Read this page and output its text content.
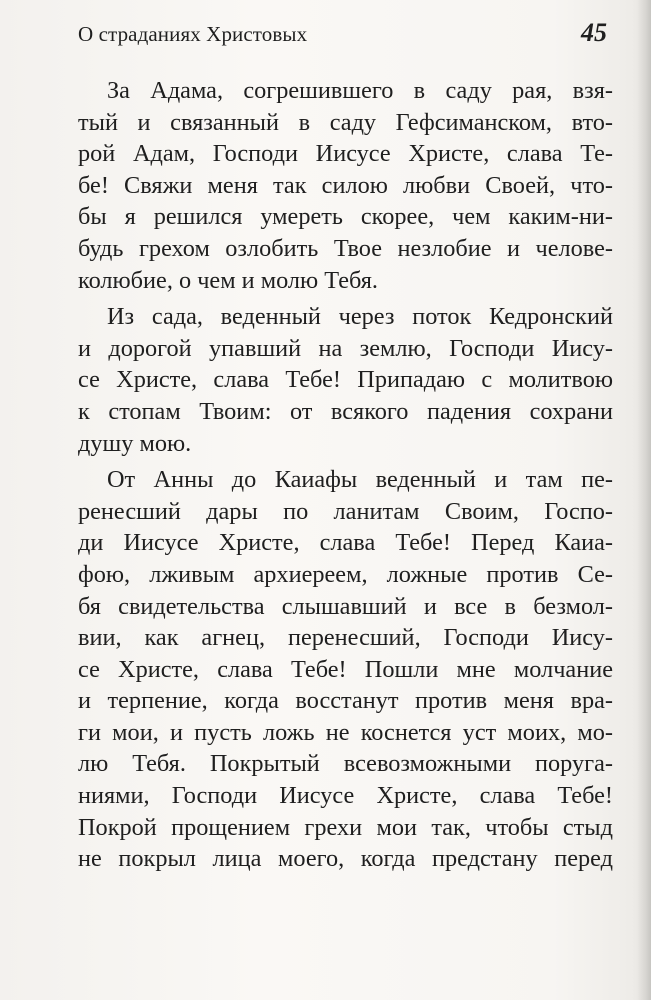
О страданиях Христовых	45

За Адама, согрешившего в саду рая, взя-
тый и связанный в саду Гефсиманском, вто-
рой Адам, Господи Иисусе Христе, слава Те-
бе! Свяжи меня так силою любви Своей, что-
бы я решился умереть скорее, чем каким-ни-
будь грехом озлобить Твое незлобие и челове-
колюбие, о чем и молю Тебя.

Из сада, веденный через поток Кедронский
и дорогой упавший на землю, Господи Иису-
се Христе, слава Тебе! Припадаю с молитвою
к стопам Твоим: от всякого падения сохрани
душу мою.

От Анны до Каиафы веденный и там пе-
ренесший дары по ланитам Своим, Госпо-
ди Иисусе Христе, слава Тебе! Перед Каиа-
фою, лживым архиереем, ложные против Се-
бя свидетельства слышавший и все в безмол-
вии, как агнец, перенесший, Господи Иису-
се Христе, слава Тебе! Пошли мне молчание
и терпение, когда восстанут против меня вра-
ги мои, и пусть ложь не коснется уст моих, мо-
лю Тебя. Покрытый всевозможными поруга-
ниями, Господи Иисусе Христе, слава Тебе!
Покрой прощением грехи мои так, чтобы стыд
не покрыл лица моего, когда предстану перед
